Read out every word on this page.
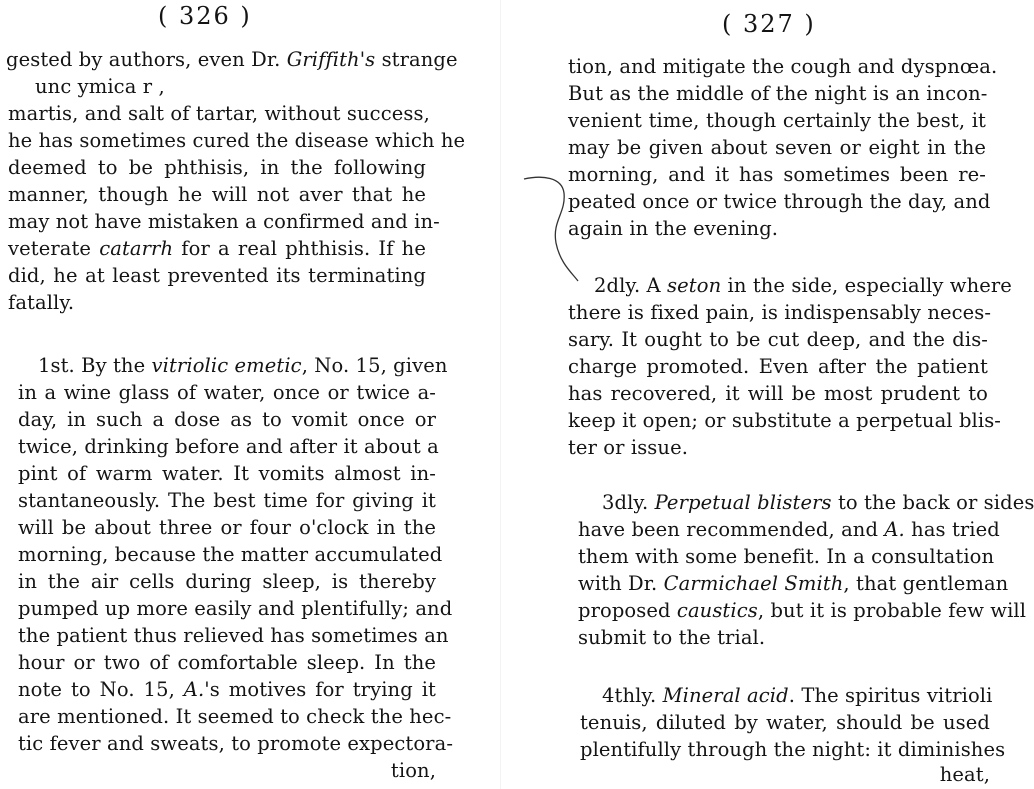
( 326 )
gested by authors, even Dr. Griffith's strange
unc ymica r ,
martis, and salt of tartar, without success,
he has sometimes cured the disease which he
deemed to be phthisis, in the following
manner, though he will not aver that he
may not have mistaken a confirmed and in-
veterate catarrh for a real phthisis. If he
did, he at least prevented its terminating
fatally.
1st. By the vitriolic emetic, No. 15, given
in a wine glass of water, once or twice a-
day, in such a dose as to vomit once or
twice, drinking before and after it about a
pint of warm water. It vomits almost in-
stantaneously. The best time for giving it
will be about three or four o'clock in the
morning, because the matter accumulated
in the air cells during sleep, is thereby
pumped up more easily and plentifully; and
the patient thus relieved has sometimes an
hour or two of comfortable sleep. In the
note to No. 15, A.'s motives for trying it
are mentioned. It seemed to check the hec-
tic fever and sweats, to promote expectora-
tion,
( 327 )
tion, and mitigate the cough and dyspnœa.
But as the middle of the night is an incon-
venient time, though certainly the best, it
may be given about seven or eight in the
morning, and it has sometimes been re-
peated once or twice through the day, and
again in the evening.
2dly. A seton in the side, especially where
there is fixed pain, is indispensably neces-
sary. It ought to be cut deep, and the dis-
charge promoted. Even after the patient
has recovered, it will be most prudent to
keep it open; or substitute a perpetual blis-
ter or issue.
3dly. Perpetual blisters to the back or sides
have been recommended, and A. has tried
them with some benefit. In a consultation
with Dr. Carmichael Smith, that gentleman
proposed caustics, but it is probable few will
submit to the trial.
4thly. Mineral acid. The spiritus vitrioli
tenuis, diluted by water, should be used
plentifully through the night: it diminishes
heat,
